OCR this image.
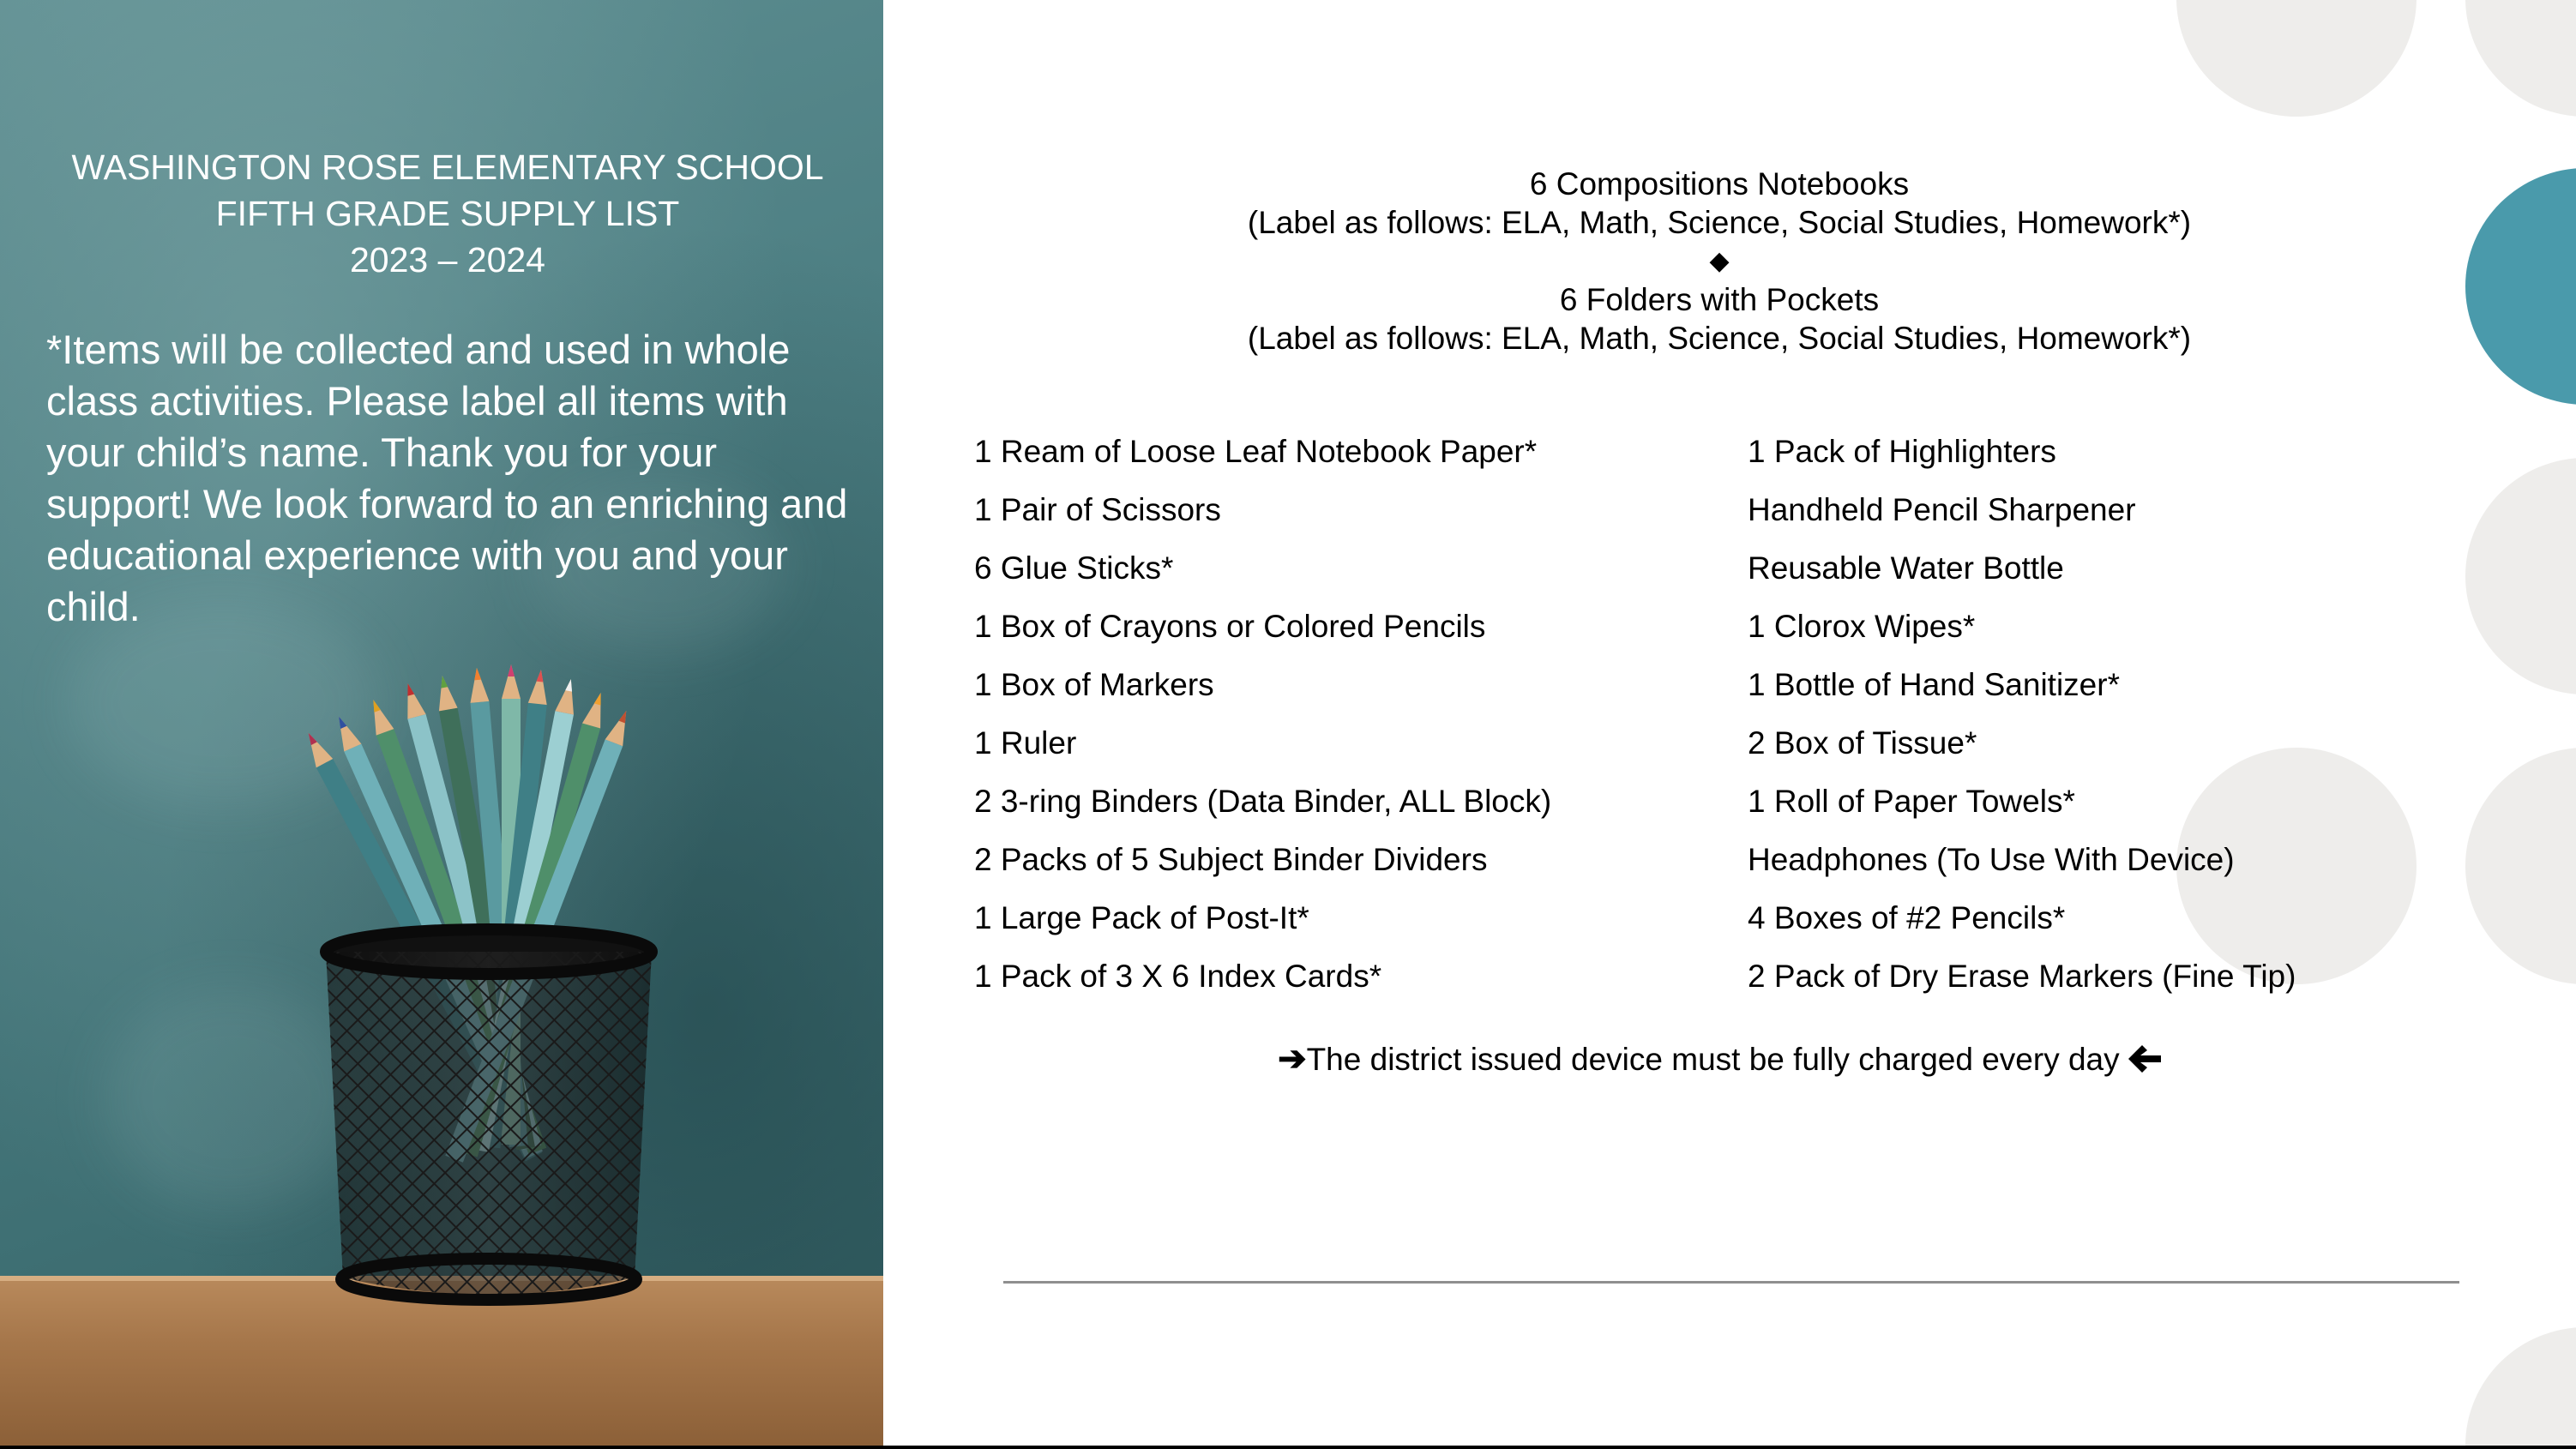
WASHINGTON ROSE ELEMENTARY SCHOOL
FIFTH GRADE SUPPLY LIST
2023 – 2024
*Items will be collected and used in whole class activities. Please label all items with your child’s name. Thank you for your support! We look forward to an enriching and educational experience with you and your child.
6 Compositions Notebooks
(Label as follows: ELA, Math, Science, Social Studies, Homework*)
◆
6 Folders with Pockets
(Label as follows: ELA, Math, Science, Social Studies, Homework*)
1 Ream of Loose Leaf Notebook Paper*
1 Pair of Scissors
6 Glue Sticks*
1 Box of Crayons or Colored Pencils
1 Box of Markers
1 Ruler
2 3-ring Binders (Data Binder, ALL Block)
2 Packs of 5 Subject Binder Dividers
1 Large Pack of Post-It*
1 Pack of 3 X 6 Index Cards*
1 Pack of Highlighters
Handheld Pencil Sharpener
Reusable Water Bottle
1 Clorox Wipes*
1 Bottle of Hand Sanitizer*
2 Box of Tissue*
1 Roll of Paper Towels*
Headphones (To Use With Device)
4 Boxes of #2 Pencils*
2 Pack of Dry Erase Markers (Fine Tip)
➔The district issued device must be fully charged every day
